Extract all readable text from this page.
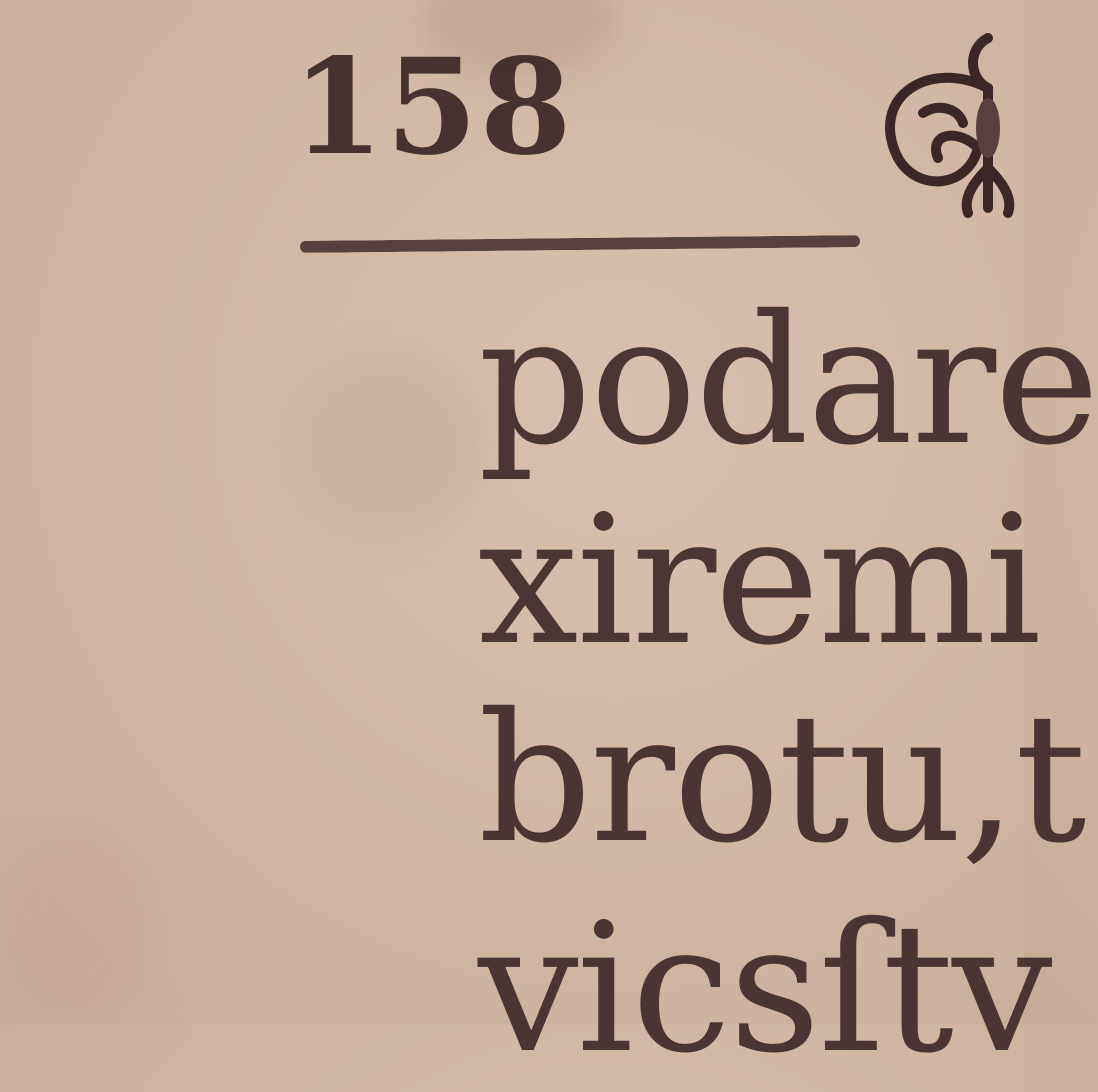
158
podare
xiremi
brotu,t
vicsſtv
